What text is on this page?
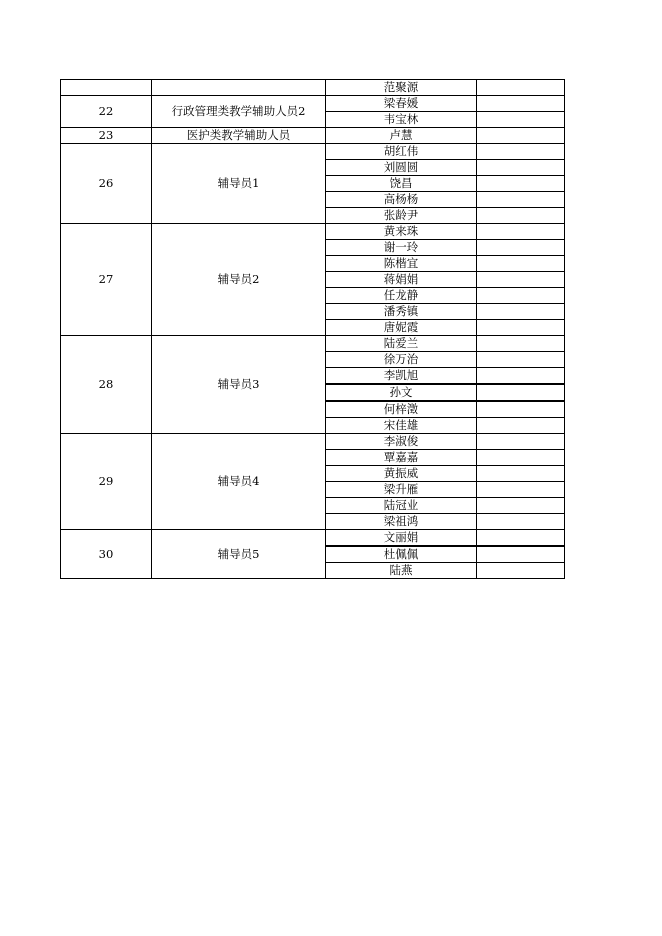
		范聚源	
22	行政管理类教学辅助人员2	梁春媛	
		韦宝林	
23	医护类教学辅助人员	卢慧	
26	辅导员1	胡红伟	
		刘圆圆	
		饶昌	
		高杨杨	
		张龄尹	
27	辅导员2	黄来珠	
		谢一玲	
		陈楷宜	
		蒋娟娟	
		任龙静	
		潘秀镇	
		唐妮霞	
28	辅导员3	陆爱兰	
		徐万治	
		李凯旭	
		孙文	
		何梓澂	
		宋佳雄	
29	辅导员4	李淑俊	
		覃嘉嘉	
		黄振威	
		梁升雁	
		陆冠业	
		梁祖鸿	
30	辅导员5	文丽娟	
		杜佩佩	
		陆燕	
